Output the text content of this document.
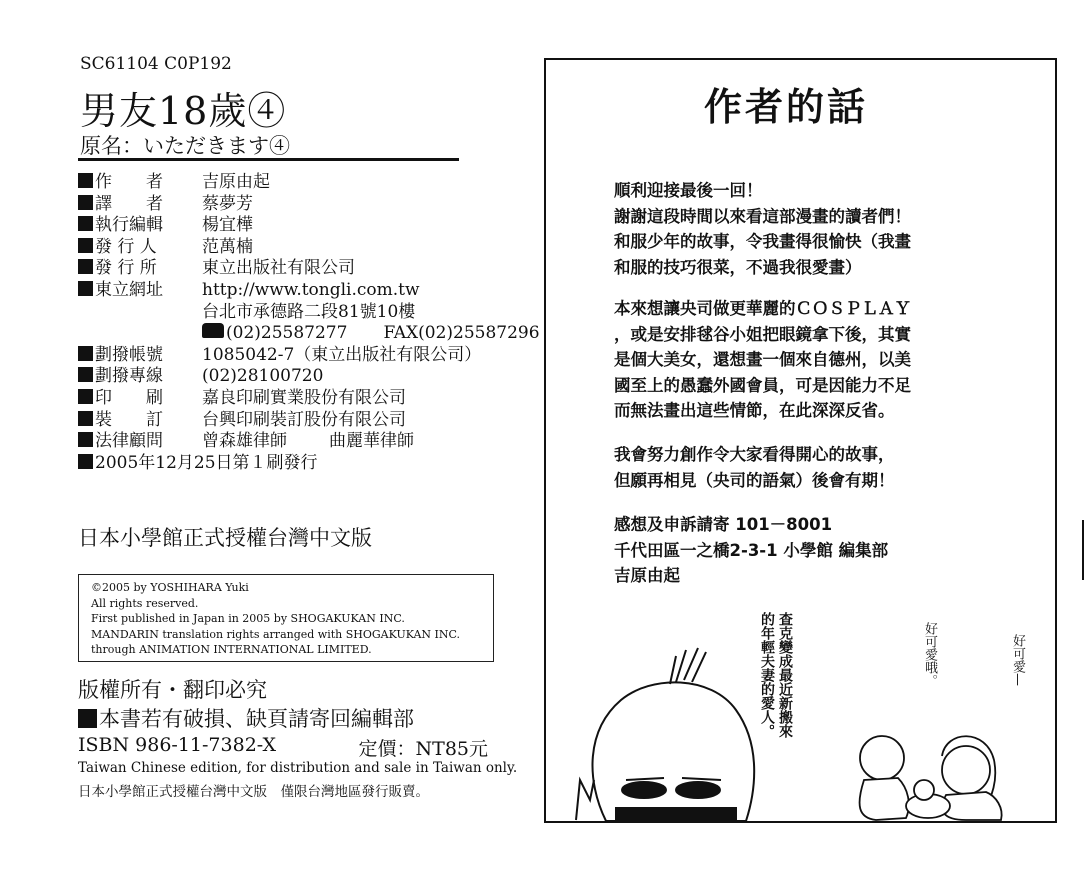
SC61104 C0P192
男友18歲④
原名：いただきます④
作　　者	吉原由起
譯　　者	蔡夢芳
執行編輯	楊宜樺
發 行 人	范萬楠
發 行 所	東立出版社有限公司
東立網址	http://www.tongli.com.tw
台北市承德路二段81號10樓
(02)25587277 FAX(02)25587296
劃撥帳號	1085042-7（東立出版社有限公司）
劃撥專線	(02)28100720
印　　刷	嘉良印刷實業股份有限公司
裝　　訂	台興印刷裝訂股份有限公司
法律顧問	曾森雄律師 曲麗華律師
2005年12月25日第１刷發行
日本小學館正式授權台灣中文版
©2005 by YOSHIHARA Yuki
All rights reserved.
First published in Japan in 2005 by SHOGAKUKAN INC.
MANDARIN translation rights arranged with SHOGAKUKAN INC.
through ANIMATION INTERNATIONAL LIMITED.
版權所有・翻印必究
本書若有破損、缺頁請寄回編輯部
ISBN 986-11-7382-X	定價：NT85元
Taiwan Chinese edition, for distribution and sale in Taiwan only.
日本小學館正式授權台灣中文版　僅限台灣地區發行販賣。
作者的話
順利迎接最後一回！
謝謝這段時間以來看這部漫畫的讀者們！
和服少年的故事，令我畫得很愉快（我畫
和服的技巧很菜，不過我很愛畫）
本來想讓央司做更華麗的ＣＯＳＰＬＡＹ
，或是安排毬谷小姐把眼鏡拿下後，其實
是個大美女，還想畫一個來自德州，以美
國至上的愚蠢外國會員，可是因能力不足
而無法畫出這些情節，在此深深反省。
我會努力創作令大家看得開心的故事，
但願再相見（央司的語氣）後會有期！
感想及申訴請寄 101－8001
千代田區一之橋2-3-1 小學館 編集部
吉原由起
查克變成最近新搬來的年輕夫妻的愛人。	好可愛哦。	好可愛—
